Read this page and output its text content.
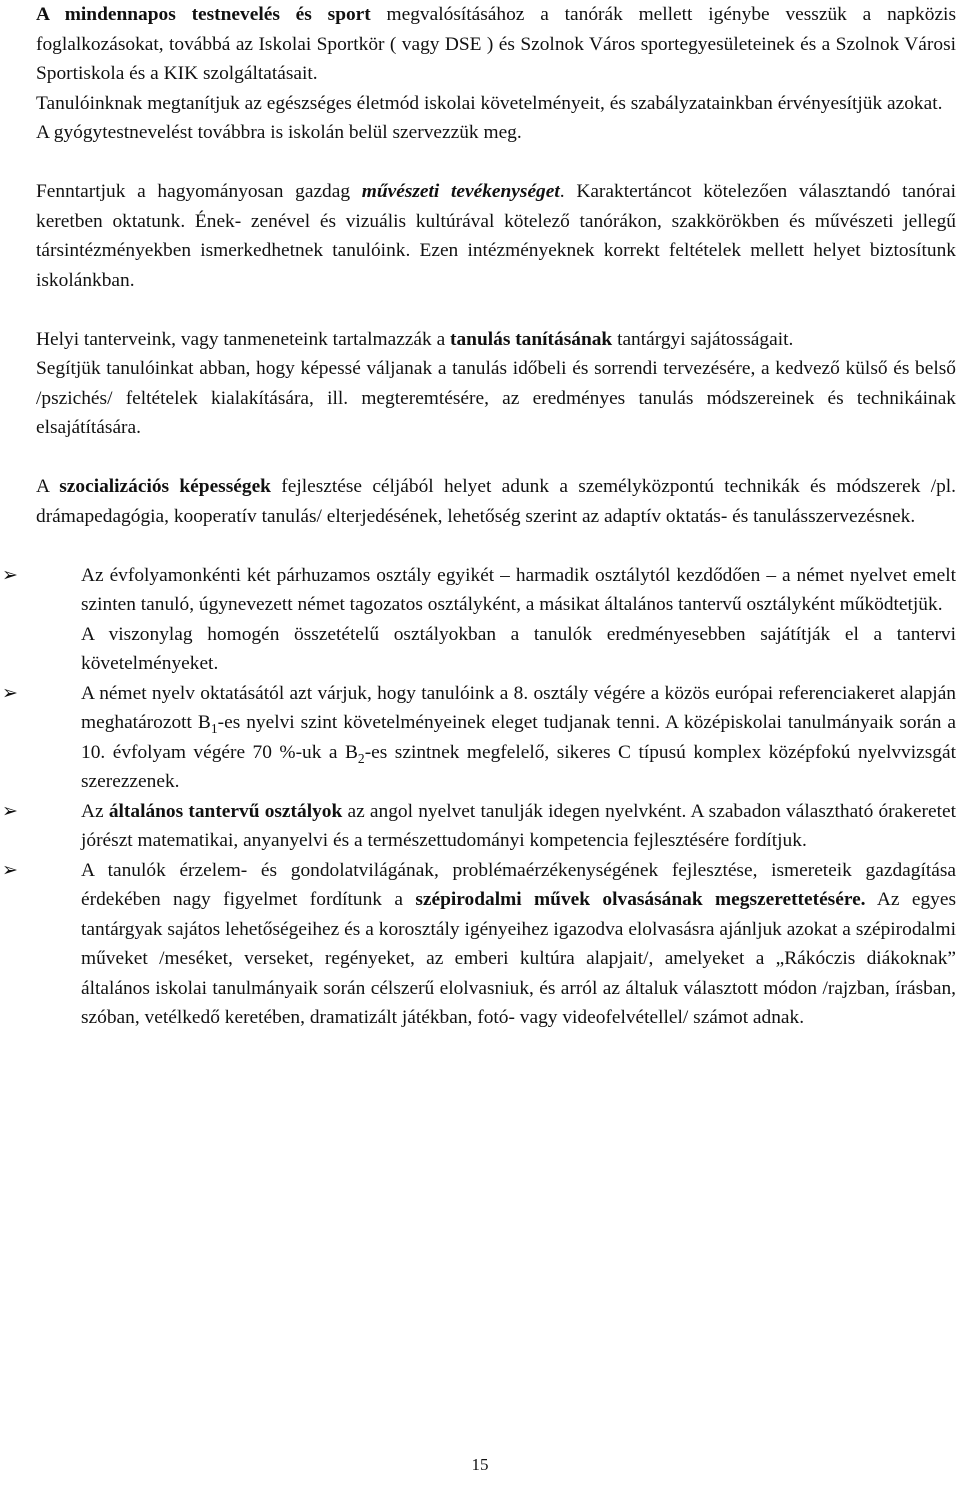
A mindennapos testnevelés és sport megvalósításához a tanórák mellett igénybe vesszük a napközis foglalkozásokat, továbbá az Iskolai Sportkör ( vagy DSE ) és Szolnok Város sportegyesületeinek és a Szolnok Városi Sportiskola és a KIK szolgáltatásait.

Tanulóinknak megtanítjuk az egészséges életmód iskolai követelményeit, és szabályzatainkban érvényesítjük azokat.

A gyógytestnevelést továbbra is iskolán belül szervezzük meg.

Fenntartjuk a hagyományosan gazdag művészeti tevékenységet. Karaktertáncot kötelezően választandó tanórai keretben oktatunk. Ének- zenével és vizuális kultúrával kötelező tanórákon, szakkörökben és művészeti jellegű társintézményekben ismerkedhetnek tanulóink. Ezen intézményeknek korrekt feltételek mellett helyet biztosítunk iskolánkban.

Helyi tanterveink, vagy tanmeneteink tartalmazzák a tanulás tanításának tantárgyi sajátosságait.

Segítjük tanulóinkat abban, hogy képessé váljanak a tanulás időbeli és sorrendi tervezésére, a kedvező külső és belső /pszichés/ feltételek kialakítására, ill. megteremtésére, az eredményes tanulás módszereinek és technikáinak elsajátítására.

A szocializációs képességek fejlesztése céljából helyet adunk a személyközpontú technikák és módszerek /pl. drámapedagógia, kooperatív tanulás/ elterjedésének, lehetőség szerint az adaptív oktatás- és tanulásszervezésnek.

➢	Az évfolyamonkénti két párhuzamos osztály egyikét – harmadik osztálytól kezdődően – a német nyelvet emelt szinten tanuló, úgynevezett német tagozatos osztályként, a másikat általános tantervű osztályként működtetjük.

A viszonylag homogén összetételű osztályokban a tanulók eredményesebben sajátítják el a tantervi követelményeket.

➢	A német nyelv oktatásától azt várjuk, hogy tanulóink a 8. osztály végére a közös európai referenciakeret alapján meghatározott $B_1-es$ nyelvi szint követelményeinek eleget tudjanak tenni. A középiskolai tanulmányaik során a 10. évfolyam végére 70 %-uk a $B_2-es$ szintnek megfelelő, sikeres C típusú komplex középfokú nyelvvizsgát szerezzenek.

➢	Az általános tantervű osztályok az angol nyelvet tanulják idegen nyelvként. A szabadon választható órakeretet jórészt matematikai, anyanyelvi és a természettudományi kompetencia fejlesztésére fordítjuk.

➢	A tanulók érzelem- és gondolatvilágának, problémaérzékenységének fejlesztése, ismereteik gazdagítása érdekében nagy figyelmet fordítunk a szépirodalmi művek olvasásának megszerettetésére. Az egyes tantárgyak sajátos lehetőségeihez és a korosztály igényeihez igazodva elolvasásra ajánljuk azokat a szépirodalmi műveket /meséket, verseket, regényeket, az emberi kultúra alapjait/, amelyeket a „Rákóczis diákoknak” általános iskolai tanulmányaik során célszerű elolvasniuk, és arról az általuk választott módon /rajzban, írásban, szóban, vetélkedő keretében, dramatizált játékban, fotó- vagy videofelvétellel/ számot adnak.

15
